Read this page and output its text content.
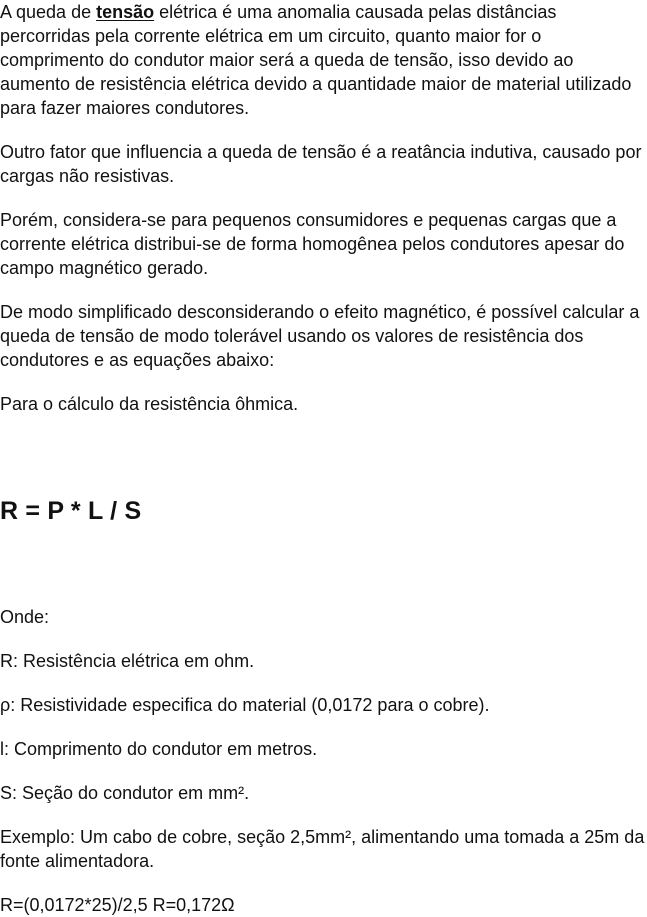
A queda de tensão elétrica é uma anomalia causada pelas distâncias percorridas pela corrente elétrica em um circuito, quanto maior for o comprimento do condutor maior será a queda de tensão, isso devido ao aumento de resistência elétrica devido a quantidade maior de material utilizado para fazer maiores condutores.

Outro fator que influencia a queda de tensão é a reatância indutiva, causado por cargas não resistivas.

Porém, considera-se para pequenos consumidores e pequenas cargas que a corrente elétrica distribui-se de forma homogênea pelos condutores apesar do campo magnético gerado.

De modo simplificado desconsiderando o efeito magnético, é possível calcular a queda de tensão de modo tolerável usando os valores de resistência dos condutores e as equações abaixo:

Para o cálculo da resistência ôhmica.

R = P * L / S

Onde:

R: Resistência elétrica em ohm.

ρ: Resistividade especifica do material (0,0172 para o cobre).

l: Comprimento do condutor em metros.

S: Seção do condutor em mm².

Exemplo: Um cabo de cobre, seção 2,5mm², alimentando uma tomada a 25m da fonte alimentadora.

R=(0,0172*25)/2,5 R=0,172Ω
